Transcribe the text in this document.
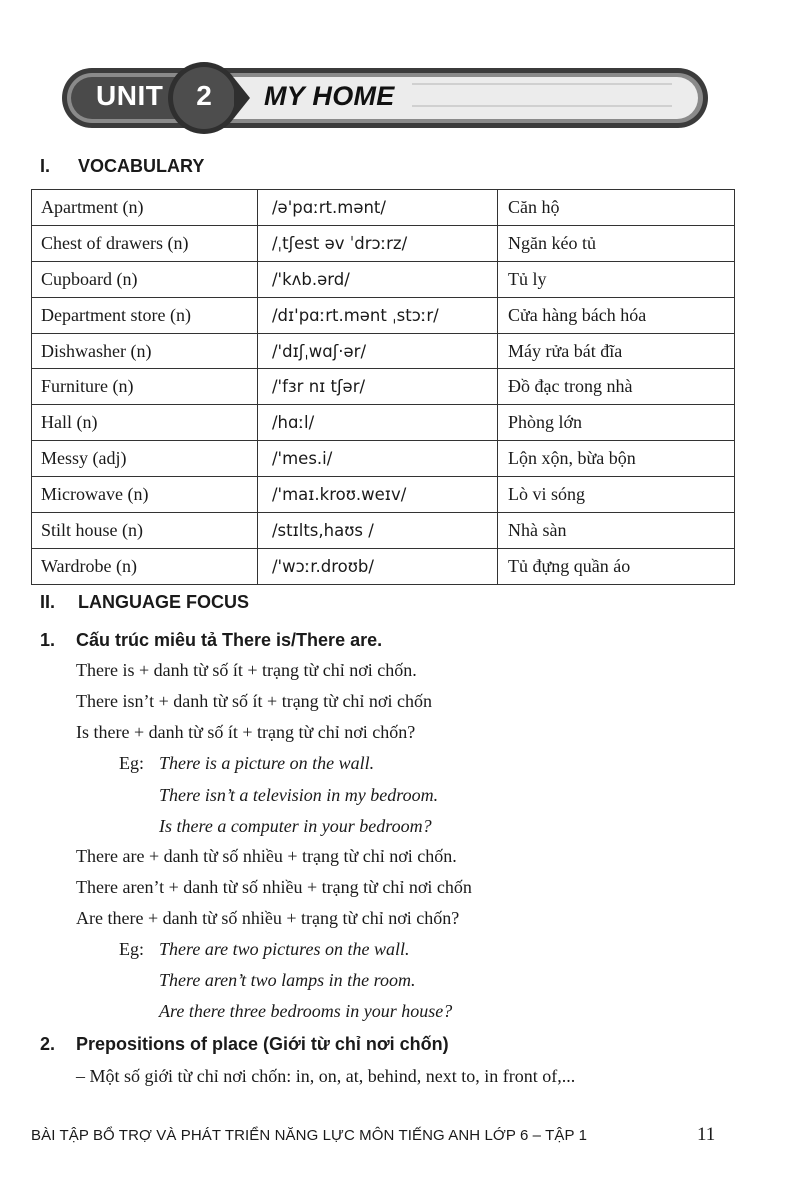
UNIT 2 MY HOME
I. VOCABULARY
Apartment (n)	/ə'pɑːrt.mənt/	Căn hộ
Chest of drawers (n)	/ˌtʃest əv ˈdrɔːrz/	Ngăn kéo tủ
Cupboard (n)	/'kʌb.ərd/	Tủ ly
Department store (n)	/dɪ'pɑːrt.mənt ˌstɔːr/	Cửa hàng bách hóa
Dishwasher (n)	/'dɪʃˌwɑʃ·ər/	Máy rửa bát đĩa
Furniture (n)	/'fɜr nɪ tʃər/	Đồ đạc trong nhà
Hall (n)	/hɑːl/	Phòng lớn
Messy (adj)	/'mes.i/	Lộn xộn, bừa bộn
Microwave (n)	/'maɪ.kroʊ.weɪv/	Lò vi sóng
Stilt house (n)	/stɪlts,haʊs /	Nhà sàn
Wardrobe (n)	/'wɔːr.droʊb/	Tủ đựng quần áo
II. LANGUAGE FOCUS
1. Cấu trúc miêu tả There is/There are.
There is + danh từ số ít + trạng từ chỉ nơi chốn.
There isn’t + danh từ số ít + trạng từ chỉ nơi chốn
Is there + danh từ số ít + trạng từ chỉ nơi chốn?
Eg: There is a picture on the wall.
There isn’t a television in my bedroom.
Is there a computer in your bedroom?
There are + danh từ số nhiều + trạng từ chỉ nơi chốn.
There aren’t + danh từ số nhiều + trạng từ chỉ nơi chốn
Are there + danh từ số nhiều + trạng từ chỉ nơi chốn?
Eg: There are two pictures on the wall.
There aren’t two lamps in the room.
Are there three bedrooms in your house?
2. Prepositions of place (Giới từ chỉ nơi chốn)
– Một số giới từ chỉ nơi chốn: in, on, at, behind, next to, in front of,...
BÀI TẬP BỔ TRỢ VÀ PHÁT TRIỂN NĂNG LỰC MÔN TIẾNG ANH LỚP 6 – TẬP 1	11
